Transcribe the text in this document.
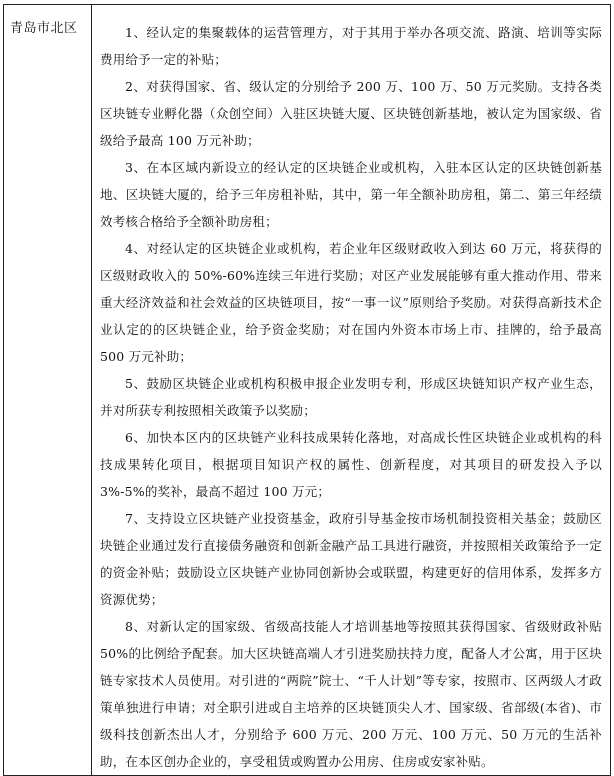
青岛市北区	1、经认定的集聚载体的运营管理方，对于其用于举办各项交流、路演、培训等实际费用给予一定的补贴；

2、对获得国家、省、级认定的分别给予 200 万、100 万、50 万元奖励。支持各类区块链专业孵化器（众创空间）入驻区块链大厦、区块链创新基地，被认定为国家级、省级给予最高 100 万元补助；

3、在本区域内新设立的经认定的区块链企业或机构，入驻本区认定的区块链创新基地、区块链大厦的，给予三年房租补贴，其中，第一年全额补助房租，第二、第三年经绩效考核合格给予全额补助房租；

4、对经认定的区块链企业或机构，若企业年区级财政收入到达 60 万元，将获得的区级财政收入的 50%-60%连续三年进行奖励；对区产业发展能够有重大推动作用、带来重大经济效益和社会效益的区块链项目，按“一事一议”原则给予奖励。对获得高新技术企业认定的的区块链企业，给予资金奖励；对在国内外资本市场上市、挂牌的，给予最高 500 万元补助；

5、鼓励区块链企业或机构积极申报企业发明专利，形成区块链知识产权产业生态，并对所获专利按照相关政策予以奖励；

6、加快本区内的区块链产业科技成果转化落地，对高成长性区块链企业或机构的科技成果转化项目，根据项目知识产权的属性、创新程度，对其项目的研发投入予以 3%-5%的奖补，最高不超过 100 万元；

7、支持设立区块链产业投资基金，政府引导基金按市场机制投资相关基金；鼓励区块链企业通过发行直接债务融资和创新金融产品工具进行融资，并按照相关政策给予一定的资金补贴；鼓励设立区块链产业协同创新协会或联盟，构建更好的信用体系，发挥多方资源优势；

8、对新认定的国家级、省级高技能人才培训基地等按照其获得国家、省级财政补贴 50%的比例给予配套。加大区块链高端人才引进奖励扶持力度，配备人才公寓，用于区块链专家技术人员使用。对引进的“两院”院士、“千人计划”等专家，按照市、区两级人才政策单独进行申请；对全职引进或自主培养的区块链顶尖人才、国家级、省部级(本省)、市级科技创新杰出人才，分别给予 600 万元、200 万元、100 万元、50 万元的生活补助，在本区创办企业的，享受租赁或购置办公用房、住房或安家补贴。
